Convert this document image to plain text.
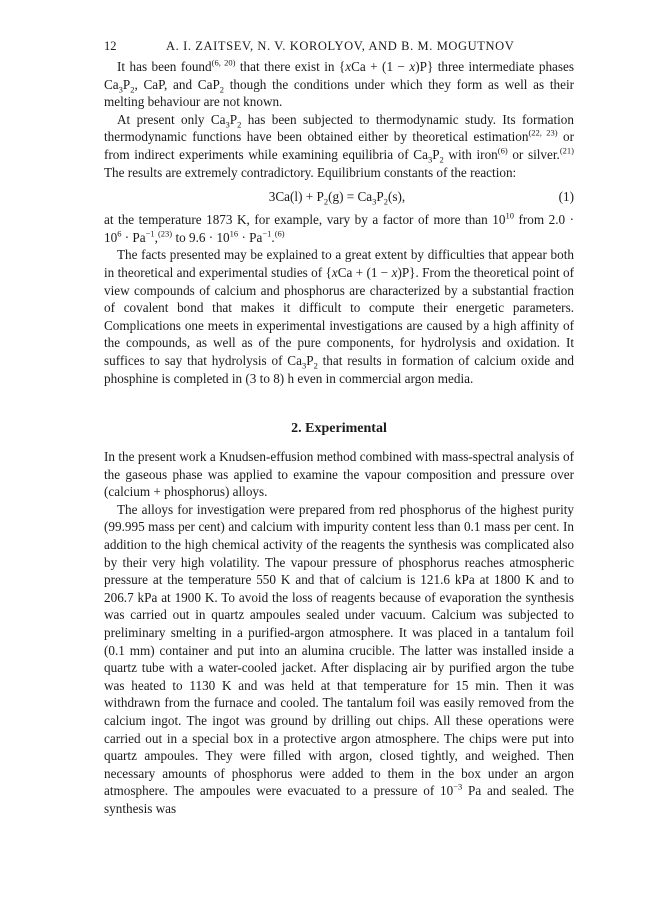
12	A. I. ZAITSEV, N. V. KOROLYOV, AND B. M. MOGUTNOV

It has been found$^{(6, 20)}$ that there exist in {xCa + (1 − x)P} three intermediate phases $Ca_3P_2$, CaP, and CaP$_2$ though the conditions under which they form as well as their melting behaviour are not known.

At present only $Ca_3P_2$ has been subjected to thermodynamic study. Its formation thermodynamic functions have been obtained either by theoretical estimation$^{(22, 23)}$ or from indirect experiments while examining equilibria of $Ca_3P_2$ with iron$^{(6)}$ or silver.$^{(21)}$ The results are extremely contradictory. Equilibrium constants of the reaction:

$3Ca(l) + P_2(g) = Ca_3P_2(s)$,	(1)

at the temperature 1873 K, for example, vary by a factor of more than $10^{10}$ from $2.0 \cdot 10^6 \cdot Pa^{-1},^{(23)}$ to $9.6 \cdot 10^{16} \cdot Pa^{-1}.^{(6)}$

The facts presented may be explained to a great extent by difficulties that appear both in theoretical and experimental studies of {xCa + (1 − x)P}. From the theoretical point of view compounds of calcium and phosphorus are characterized by a substantial fraction of covalent bond that makes it difficult to compute their energetic parameters. Complications one meets in experimental investigations are caused by a high affinity of the compounds, as well as of the pure components, for hydrolysis and oxidation. It suffices to say that hydrolysis of $Ca_3P_2$ that results in formation of calcium oxide and phosphine is completed in (3 to 8) h even in commercial argon media.

2. Experimental

In the present work a Knudsen-effusion method combined with mass-spectral analysis of the gaseous phase was applied to examine the vapour composition and pressure over (calcium + phosphorus) alloys.

The alloys for investigation were prepared from red phosphorus of the highest purity (99.995 mass per cent) and calcium with impurity content less than 0.1 mass per cent. In addition to the high chemical activity of the reagents the synthesis was complicated also by their very high volatility. The vapour pressure of phosphorus reaches atmospheric pressure at the temperature 550 K and that of calcium is 121.6 kPa at 1800 K and to 206.7 kPa at 1900 K. To avoid the loss of reagents because of evaporation the synthesis was carried out in quartz ampoules sealed under vacuum. Calcium was subjected to preliminary smelting in a purified-argon atmosphere. It was placed in a tantalum foil (0.1 mm) container and put into an alumina crucible. The latter was installed inside a quartz tube with a water-cooled jacket. After displacing air by purified argon the tube was heated to 1130 K and was held at that temperature for 15 min. Then it was withdrawn from the furnace and cooled. The tantalum foil was easily removed from the calcium ingot. The ingot was ground by drilling out chips. All these operations were carried out in a special box in a protective argon atmosphere. The chips were put into quartz ampoules. They were filled with argon, closed tightly, and weighed. Then necessary amounts of phosphorus were added to them in the box under an argon atmosphere. The ampoules were evacuated to a pressure of $10^{-3}$ Pa and sealed. The synthesis was
